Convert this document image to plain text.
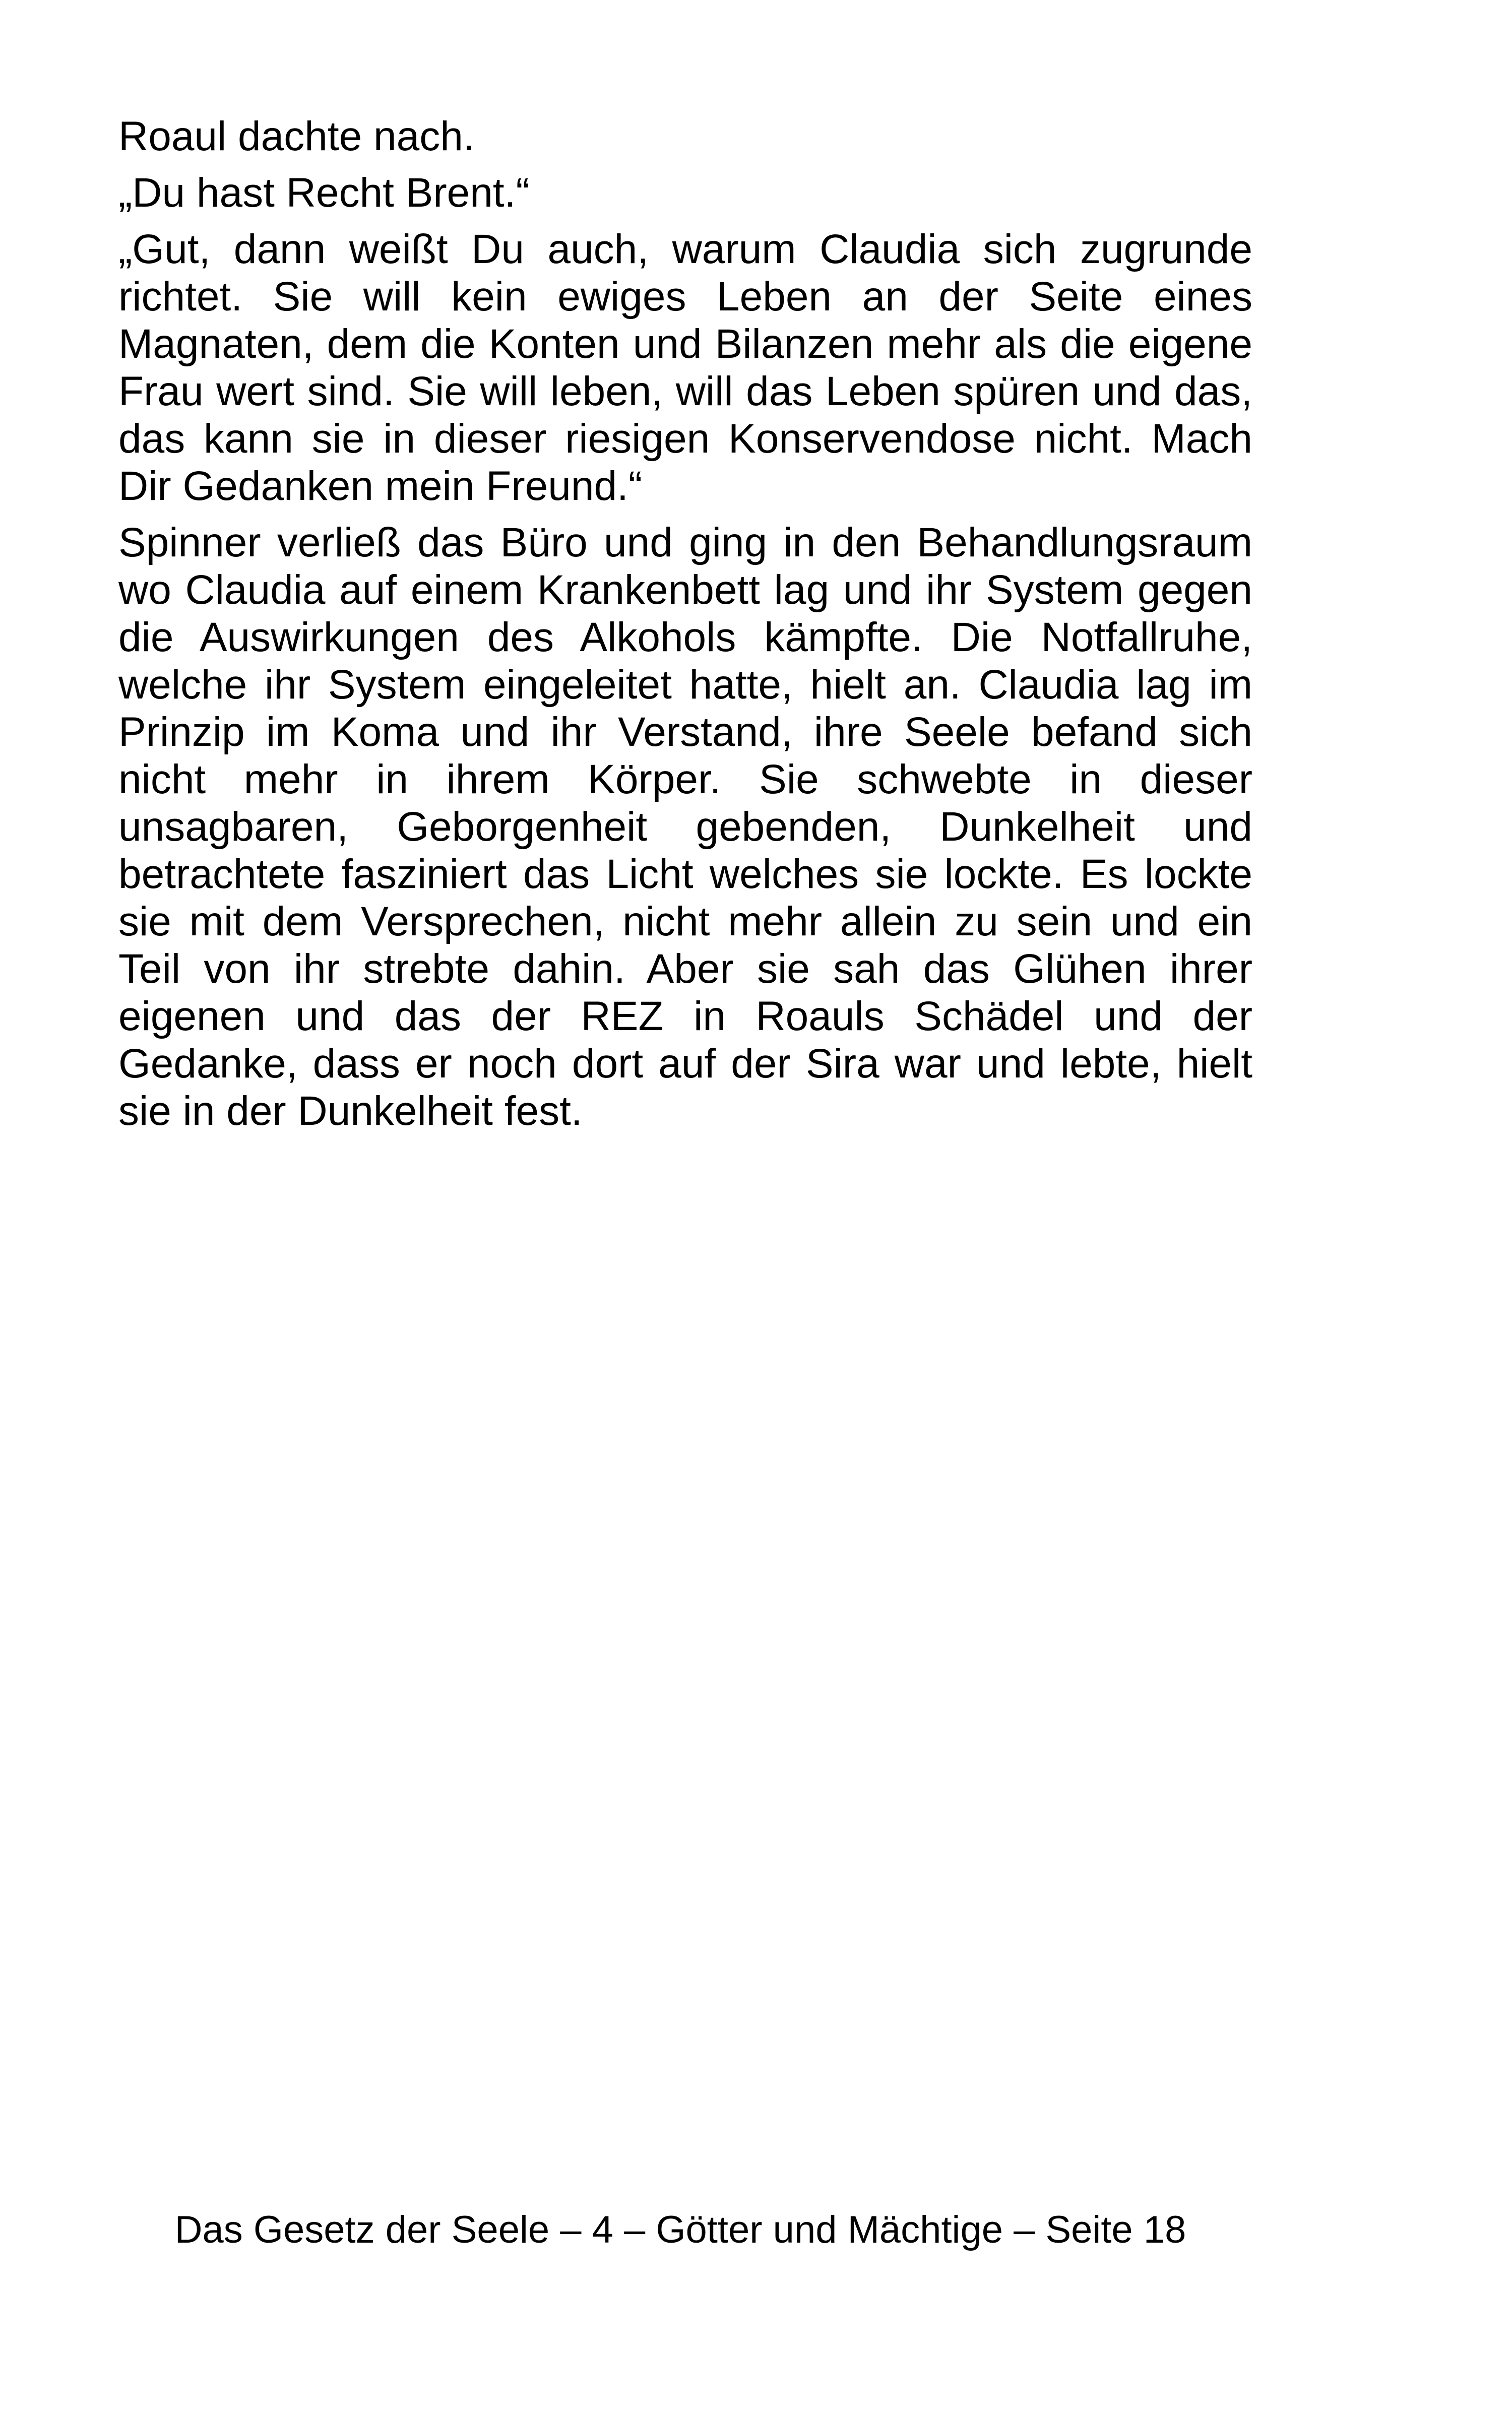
Roaul dachte nach.

„Du hast Recht Brent.“

„Gut, dann weißt Du auch, warum Claudia sich zugrunde richtet. Sie will kein ewiges Leben an der Seite eines Magnaten, dem die Konten und Bilanzen mehr als die eigene Frau wert sind. Sie will leben, will das Leben spüren und das, das kann sie in dieser riesigen Konservendose nicht. Mach Dir Gedanken mein Freund.“

Spinner verließ das Büro und ging in den Behandlungsraum wo Claudia auf einem Krankenbett lag und ihr System gegen die Auswirkungen des Alkohols kämpfte. Die Notfallruhe, welche ihr System eingeleitet hatte, hielt an. Claudia lag im Prinzip im Koma und ihr Verstand, ihre Seele befand sich nicht mehr in ihrem Körper. Sie schwebte in dieser unsagbaren, Geborgenheit gebenden, Dunkelheit und betrachtete fasziniert das Licht welches sie lockte. Es lockte sie mit dem Versprechen, nicht mehr allein zu sein und ein Teil von ihr strebte dahin. Aber sie sah das Glühen ihrer eigenen und das der REZ in Roauls Schädel und der Gedanke, dass er noch dort auf der Sira war und lebte, hielt sie in der Dunkelheit fest.

Das Gesetz der Seele – 4 – Götter und Mächtige – Seite 18
